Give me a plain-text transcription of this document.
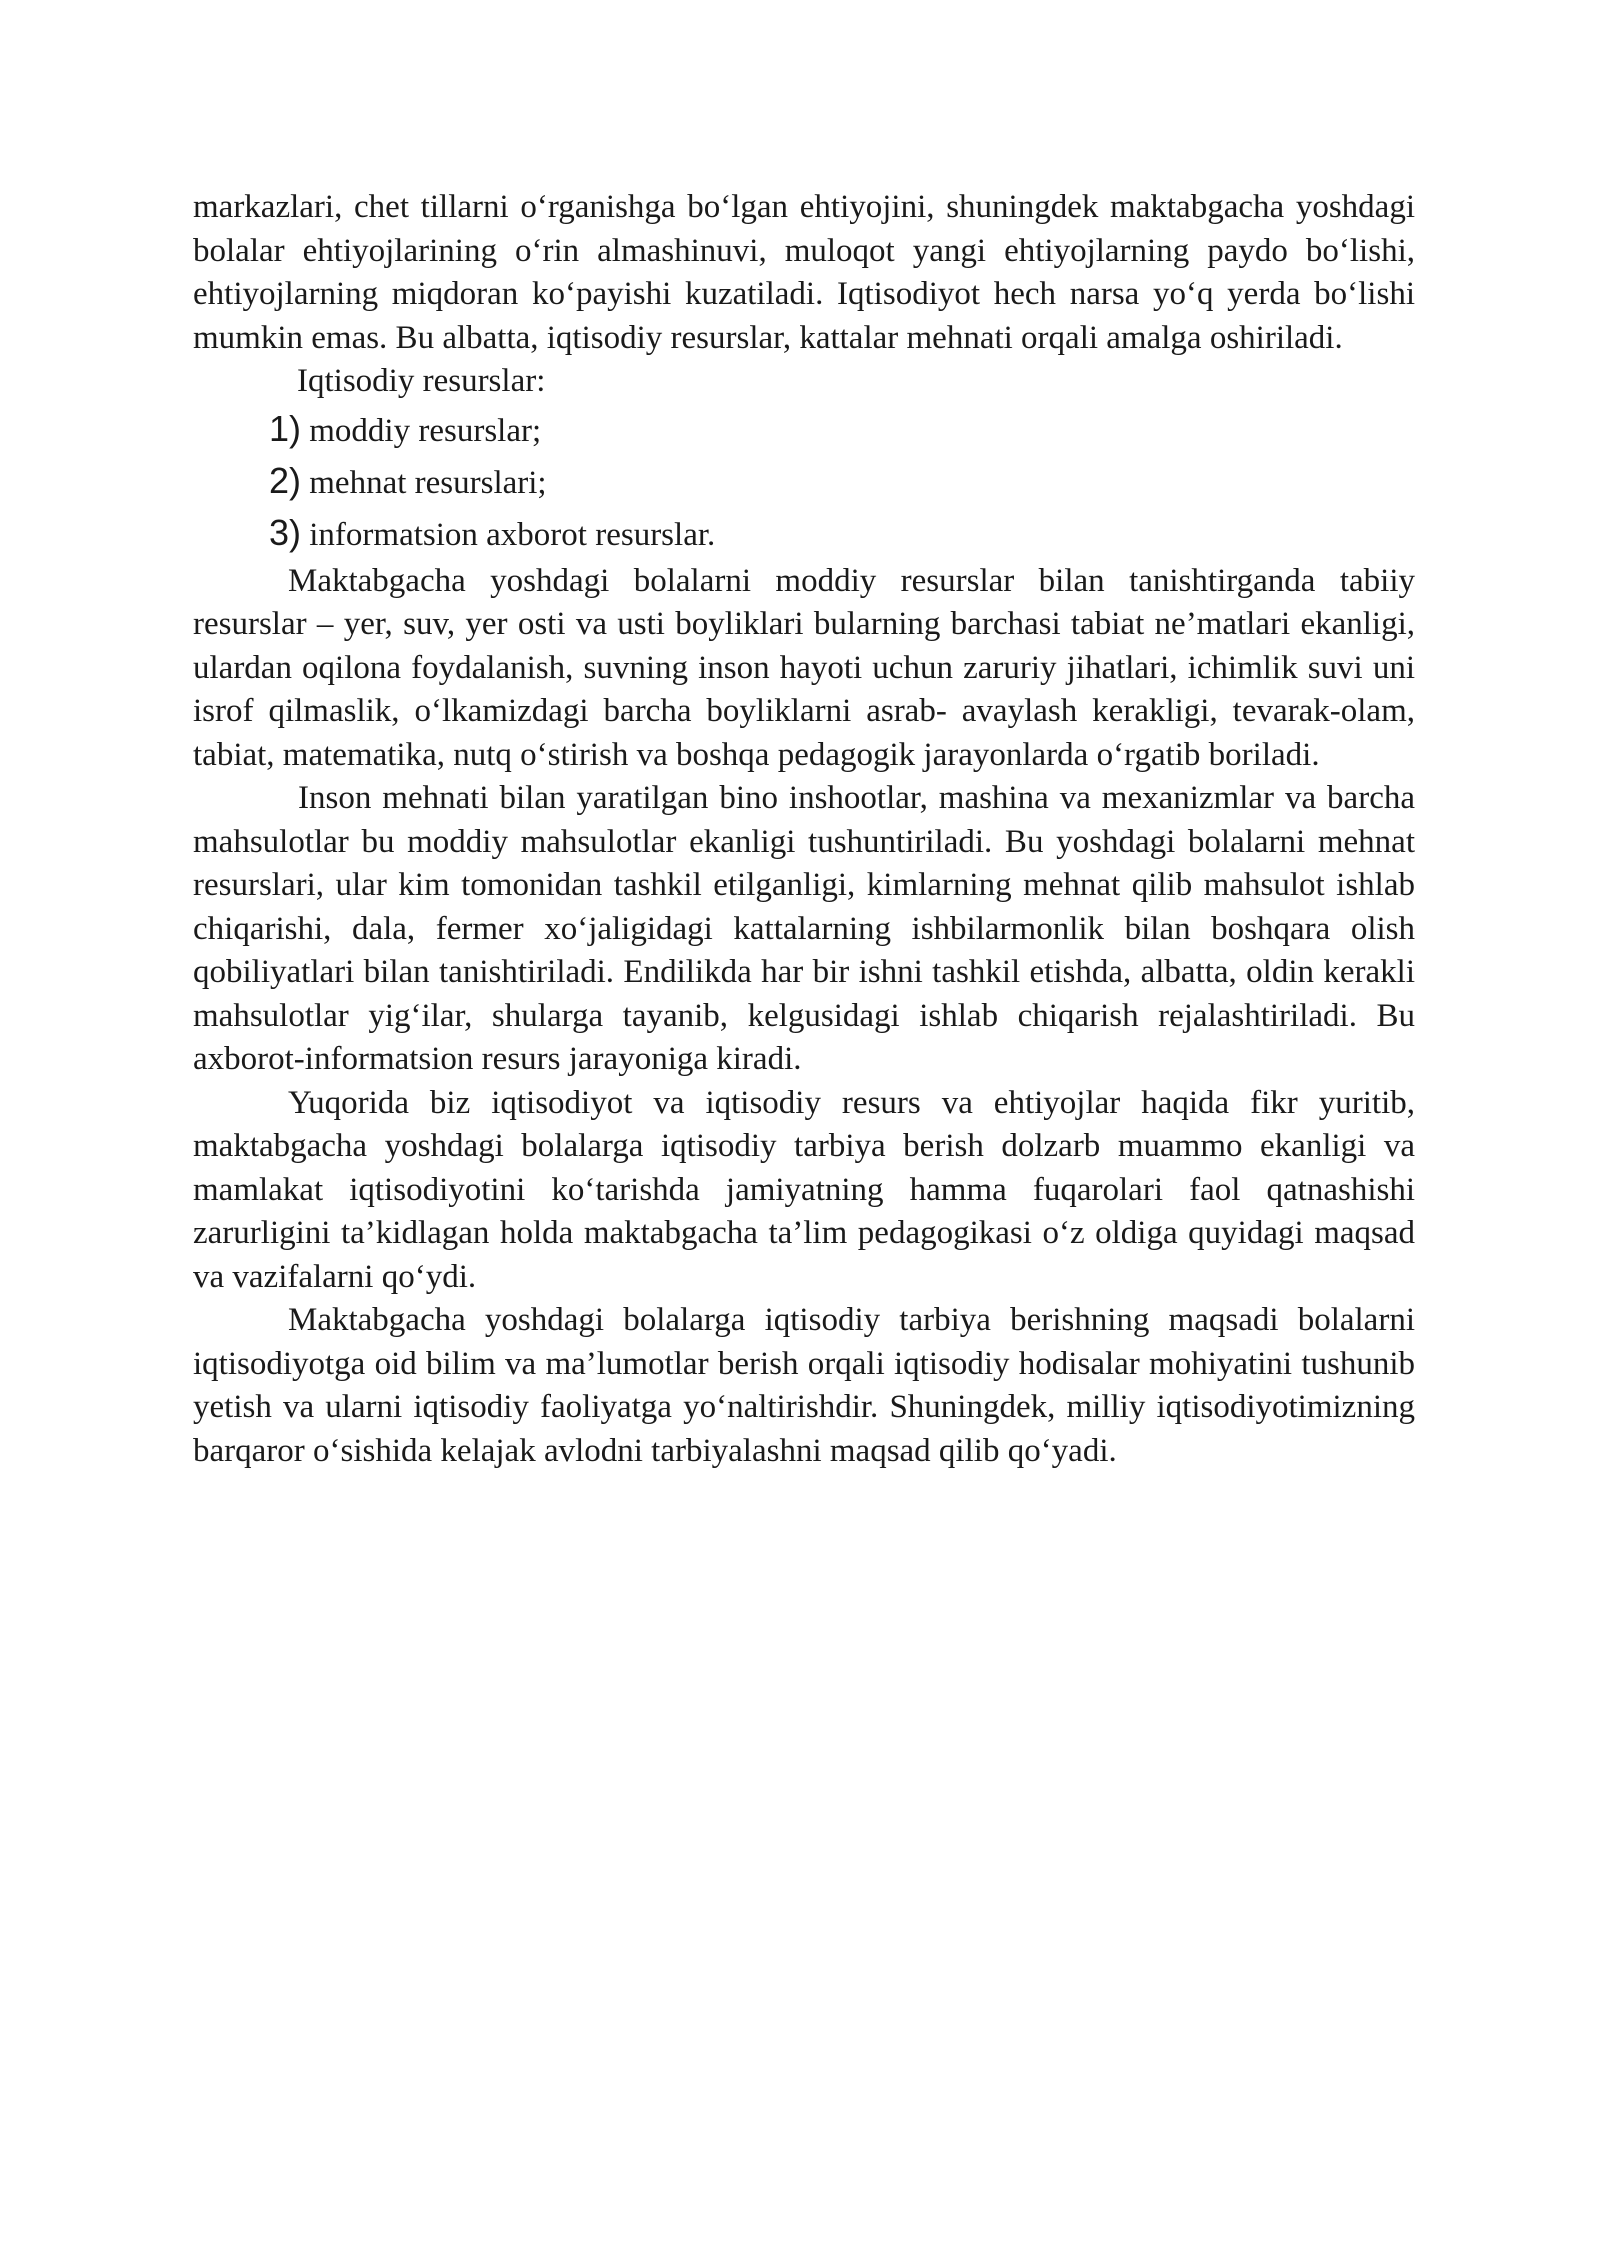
markazlari, chet tillarni o‘rganishga bo‘lgan ehtiyojini, shuningdek maktabgacha yoshdagi bolalar ehtiyojlarining o‘rin almashinuvi, muloqot yangi ehtiyojlarning paydo bo‘lishi, ehtiyojlarning miqdoran ko‘payishi kuzatiladi. Iqtisodiyot hech narsa yo‘q yerda bo‘lishi mumkin emas. Bu albatta, iqtisodiy resurslar, kattalar mehnati orqali amalga oshiriladi.

Iqtisodiy resurslar:

1) moddiy resurslar;
2) mehnat resurslari;
3) informatsion axborot resurslar.

Maktabgacha yoshdagi bolalarni moddiy resurslar bilan tanishtirganda tabiiy resurslar – yer, suv, yer osti va usti boyliklari bularning barchasi tabiat ne’matlari ekanligi, ulardan oqilona foydalanish, suvning inson hayoti uchun zaruriy jihatlari, ichimlik suvi uni isrof qilmaslik, o‘lkamizdagi barcha boyliklarni asrab- avaylash kerakligi, tevarak-olam, tabiat, matematika, nutq o‘stirish va boshqa pedagogik jarayonlarda o‘rgatib boriladi.

Inson mehnati bilan yaratilgan bino inshootlar, mashina va mexanizmlar va barcha mahsulotlar bu moddiy mahsulotlar ekanligi tushuntiriladi. Bu yoshdagi bolalarni mehnat resurslari, ular kim tomonidan tashkil etilganligi, kimlarning mehnat qilib mahsulot ishlab chiqarishi, dala, fermer xo‘jaligidagi kattalarning ishbilarmonlik bilan boshqara olish qobiliyatlari bilan tanishtiriladi. Endilikda har bir ishni tashkil etishda, albatta, oldin kerakli mahsulotlar yig‘ilar, shularga tayanib, kelgusidagi ishlab chiqarish rejalashtiriladi. Bu axborot-informatsion resurs jarayoniga kiradi.

Yuqorida biz iqtisodiyot va iqtisodiy resurs va ehtiyojlar haqida fikr yuritib, maktabgacha yoshdagi bolalarga iqtisodiy tarbiya berish dolzarb muammo ekanligi va mamlakat iqtisodiyotini ko‘tarishda jamiyatning hamma fuqarolari faol qatnashishi zarurligini ta’kidlagan holda maktabgacha ta’lim pedagogikasi o‘z oldiga quyidagi maqsad va vazifalarni qo‘ydi.

Maktabgacha yoshdagi bolalarga iqtisodiy tarbiya berishning maqsadi bolalarni iqtisodiyotga oid bilim va ma’lumotlar berish orqali iqtisodiy hodisalar mohiyatini tushunib yetish va ularni iqtisodiy faoliyatga yo‘naltirishdir. Shuningdek, milliy iqtisodiyotimizning barqaror o‘sishida kelajak avlodni tarbiyalashni maqsad qilib qo‘yadi.
